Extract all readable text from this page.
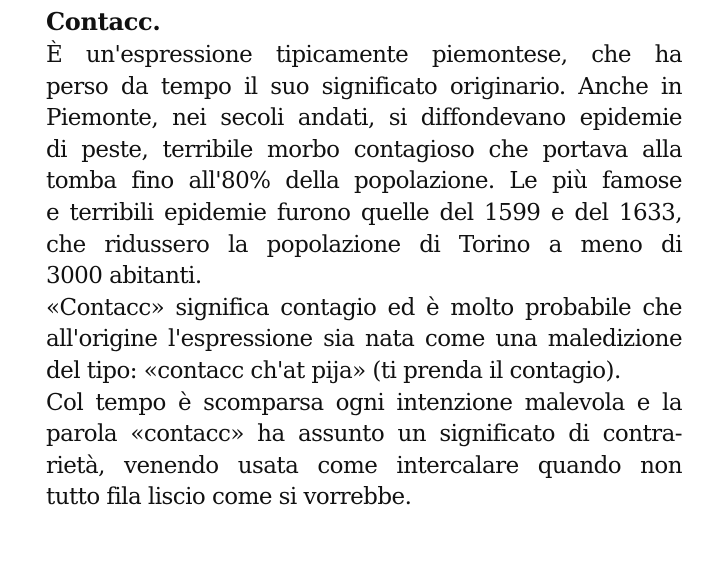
Contacc.
È un'espressione tipicamente piemontese, che ha
perso da tempo il suo significato originario. Anche in
Piemonte, nei secoli andati, si diffondevano epidemie
di peste, terribile morbo contagioso che portava alla
tomba fino all'80% della popolazione. Le più famose
e terribili epidemie furono quelle del 1599 e del 1633,
che ridussero la popolazione di Torino a meno di
3000 abitanti.
«Contacc» significa contagio ed è molto probabile che
all'origine l'espressione sia nata come una maledizione
del tipo: «contacc ch'at pija» (ti prenda il contagio).
Col tempo è scomparsa ogni intenzione malevola e la
parola «contacc» ha assunto un significato di contra-
rietà, venendo usata come intercalare quando non
tutto fila liscio come si vorrebbe.
